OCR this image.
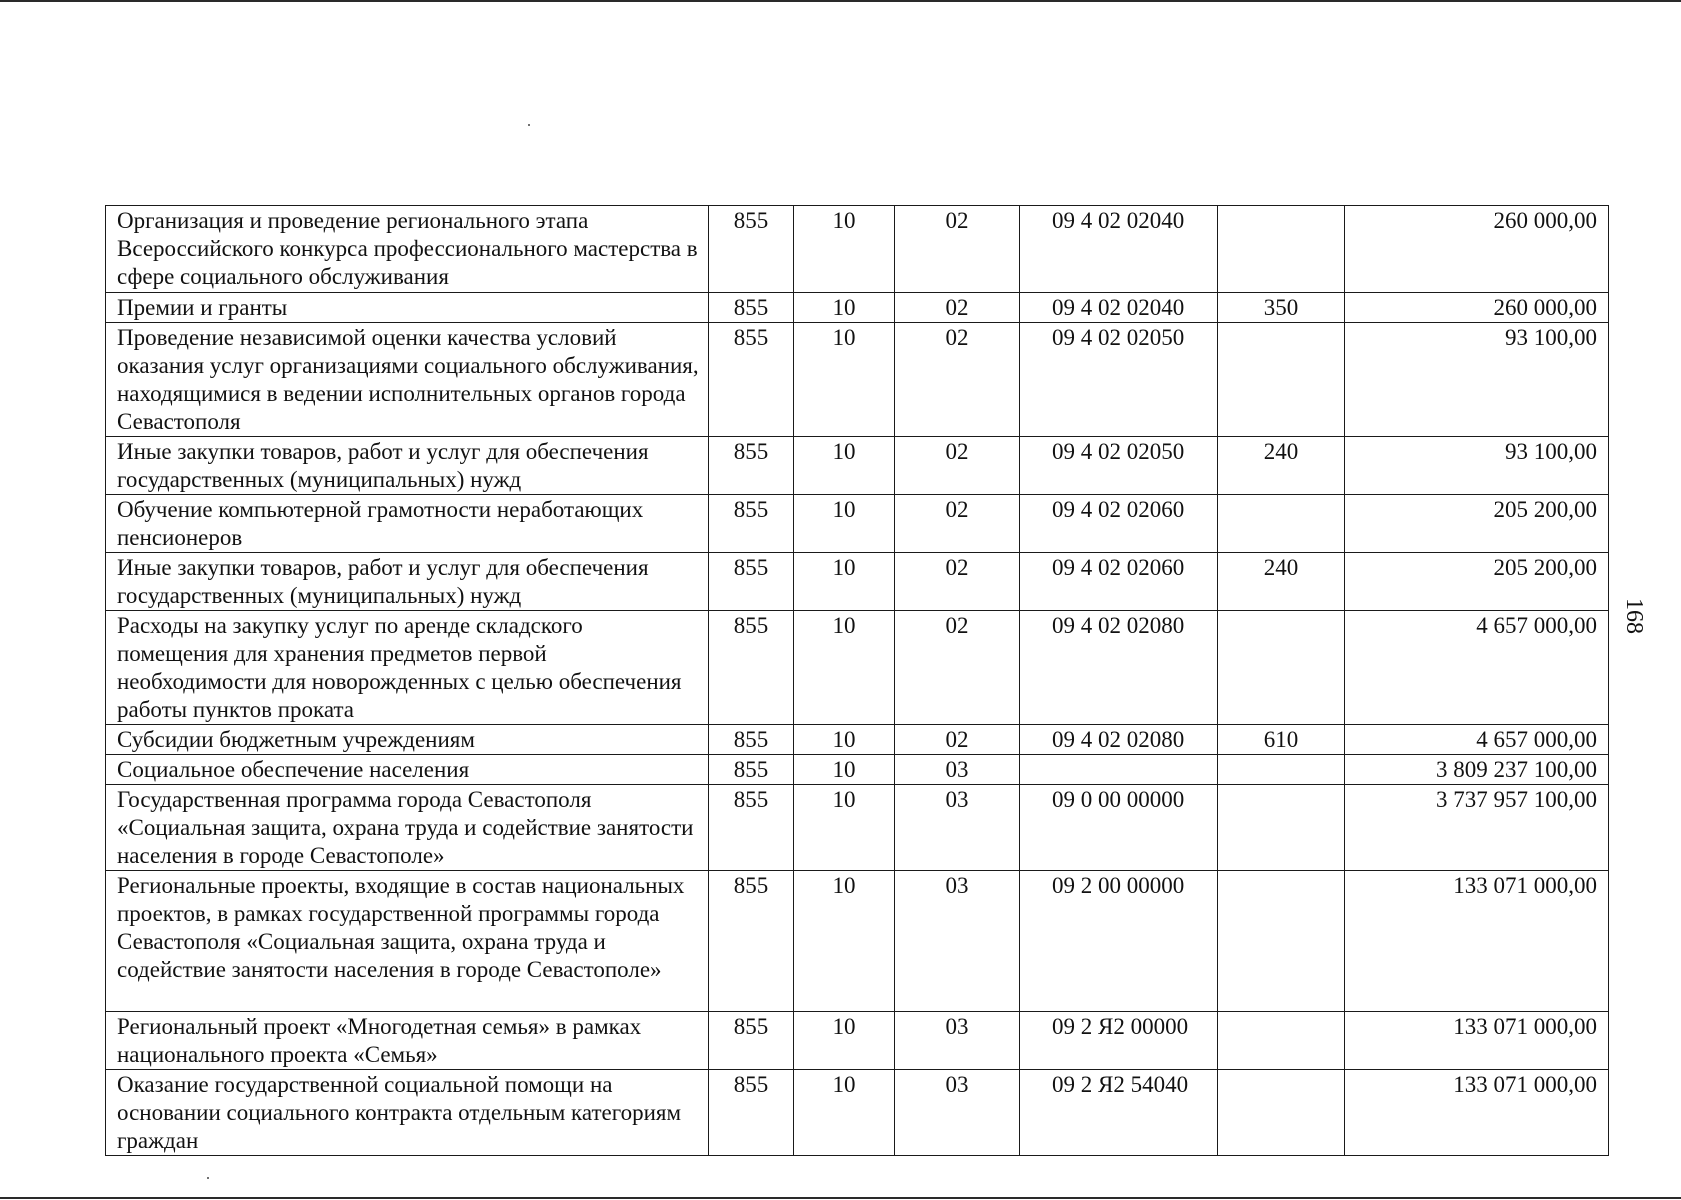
Организация и проведение регионального этапа Всероссийского конкурса профессионального мастерства в сфере социального обслуживания	855	10	02	09 4 02 02040		260 000,00
Премии и гранты	855	10	02	09 4 02 02040	350	260 000,00
Проведение независимой оценки качества условий оказания услуг организациями социального обслуживания, находящимися в ведении исполнительных органов города Севастополя	855	10	02	09 4 02 02050		93 100,00
Иные закупки товаров, работ и услуг для обеспечения государственных (муниципальных) нужд	855	10	02	09 4 02 02050	240	93 100,00
Обучение компьютерной грамотности неработающих пенсионеров	855	10	02	09 4 02 02060		205 200,00
Иные закупки товаров, работ и услуг для обеспечения государственных (муниципальных) нужд	855	10	02	09 4 02 02060	240	205 200,00
Расходы на закупку услуг по аренде складского помещения для хранения предметов первой необходимости для новорожденных с целью обеспечения работы пунктов проката	855	10	02	09 4 02 02080		4 657 000,00
Субсидии бюджетным учреждениям	855	10	02	09 4 02 02080	610	4 657 000,00
Социальное обеспечение населения	855	10	03			3 809 237 100,00
Государственная программа города Севастополя «Социальная защита, охрана труда и содействие занятости населения в городе Севастополе»	855	10	03	09 0 00 00000		3 737 957 100,00
Региональные проекты, входящие в состав национальных проектов, в рамках государственной программы города Севастополя «Социальная защита, охрана труда и содействие занятости населения в городе Севастополе»	855	10	03	09 2 00 00000		133 071 000,00
Региональный проект «Многодетная семья» в рамках национального проекта «Семья»	855	10	03	09 2 Я2 00000		133 071 000,00
Оказание государственной социальной помощи на основании социального контракта отдельным категориям граждан	855	10	03	09 2 Я2 54040		133 071 000,00
168
